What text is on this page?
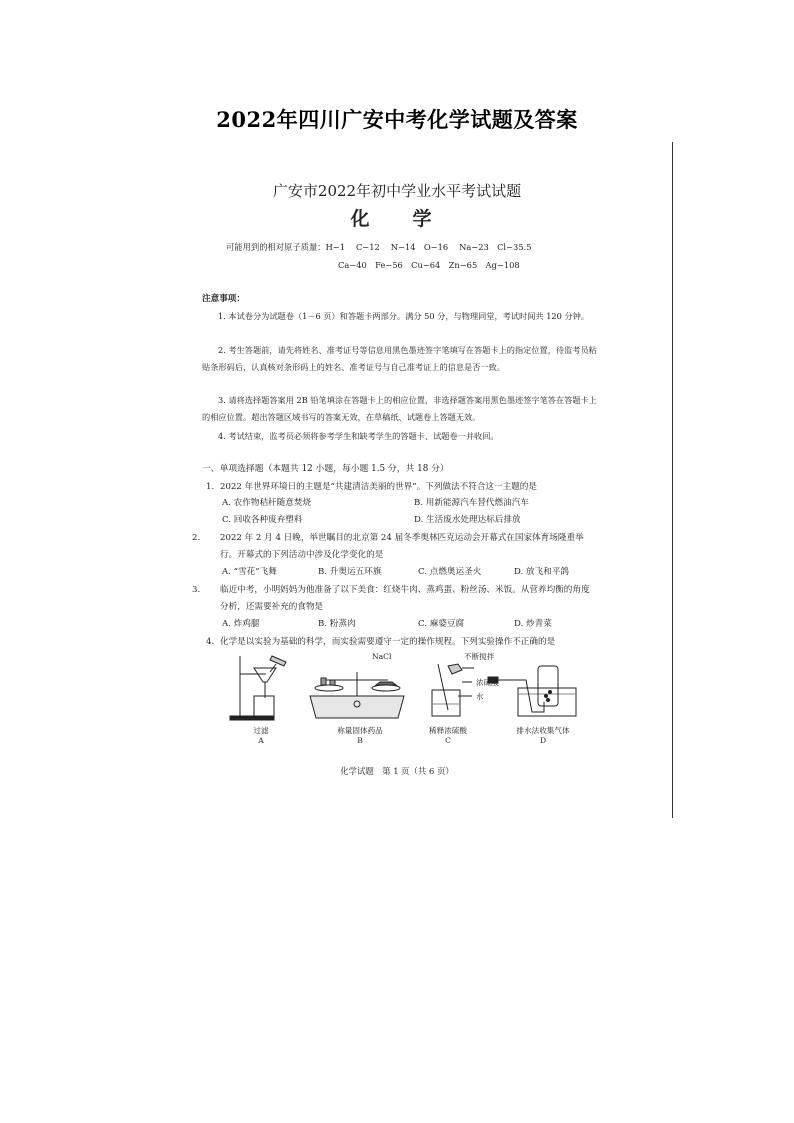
2022年四川广安中考化学试题及答案
广安市2022年初中学业水平考试试题
化　学
可能用到的相对原子质量：H−1　 C−12　 N−14　O−16　 Na−23　Cl−35.5
Ca−40　Fe−56　Cu−64　Zn−65　Ag−108
注意事项：
1. 本试卷分为试题卷（1－6 页）和答题卡两部分。满分 50 分，与物理同堂，考试时间共 120 分钟。
2. 考生答题前，请先将姓名、准考证号等信息用黑色墨迹签字笔填写在答题卡上的指定位置，待监考员粘贴条形码后，认真核对条形码上的姓名、准考证号与自己准考证上的信息是否一致。
3. 请将选择题答案用 2B 铅笔填涂在答题卡上的相应位置，非选择题答案用黑色墨迹签字笔答在答题卡上的相应位置。超出答题区域书写的答案无效，在草稿纸、试题卷上答题无效。
4. 考试结束，监考员必须将参考学生和缺考学生的答题卡、试题卷一并收回。
一、单项选择题（本题共 12 小题，每小题 1.5 分，共 18 分）
1. 2022 年世界环境日的主题是“共建清洁美丽的世界”。下列做法不符合这一主题的是
A. 农作物秸秆随意焚烧	B. 用新能源汽车替代燃油汽车
C. 回收各种废弃塑料	D. 生活废水处理达标后排放
2. 2022 年 2 月 4 日晚，举世瞩目的北京第 24 届冬季奥林匹克运动会开幕式在国家体育场隆重举行。开幕式的下列活动中涉及化学变化的是
A. “雪花”飞舞	B. 升奥运五环旗	C. 点燃奥运圣火	D. 放飞和平鸽
3. 临近中考，小明妈妈为他准备了以下美食：红烧牛肉、蒸鸡蛋、粉丝汤、米饭。从营养均衡的角度分析，还需要补充的食物是
A. 炸鸡腿	B. 粉蒸肉	C. 麻婆豆腐	D. 炒青菜
4. 化学是以实验为基础的科学，而实验需要遵守一定的操作规程。下列实验操作不正确的是
NaCl	不断搅拌
浓硫酸
水
过滤
A
称量固体药品
B
稀释浓硫酸
C
排水法收集气体
D
化学试题　第 1 页（共 6 页）
